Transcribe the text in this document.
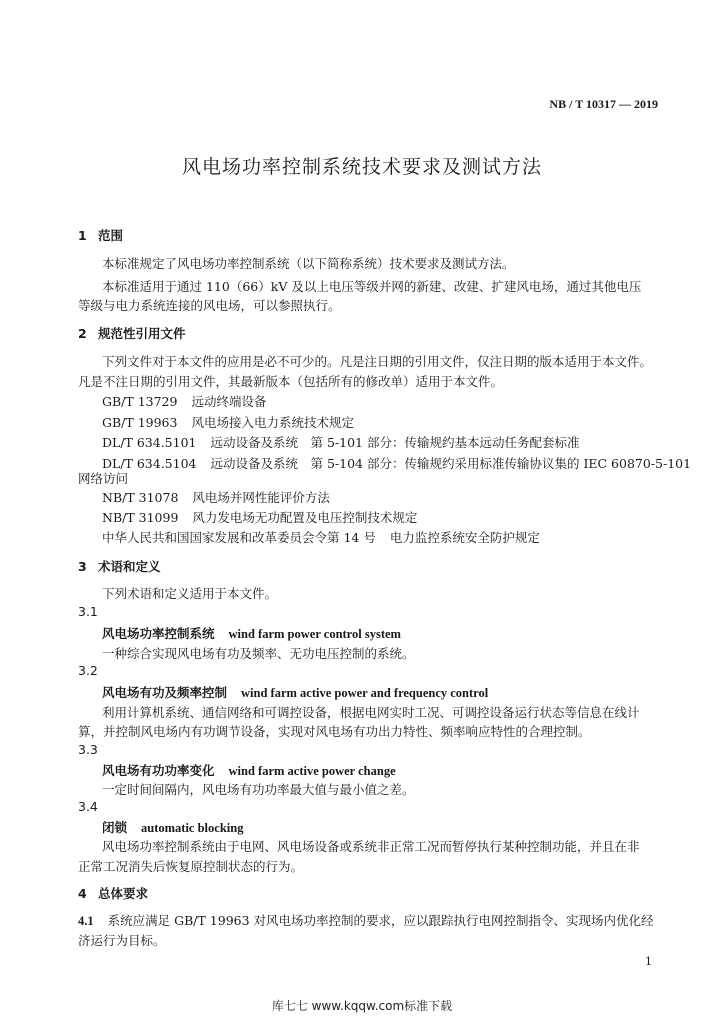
NB / T 10317 — 2019
风电场功率控制系统技术要求及测试方法
1 范围
本标准规定了风电场功率控制系统（以下简称系统）技术要求及测试方法。
本标准适用于通过 110（66）kV 及以上电压等级并网的新建、改建、扩建风电场，通过其他电压
等级与电力系统连接的风电场，可以参照执行。
2 规范性引用文件
下列文件对于本文件的应用是必不可少的。凡是注日期的引用文件，仅注日期的版本适用于本文件。
凡是不注日期的引用文件，其最新版本（包括所有的修改单）适用于本文件。
GB/T 13729 远动终端设备
GB/T 19963 风电场接入电力系统技术规定
DL/T 634.5101 远动设备及系统　第 5-101 部分：传输规约基本远动任务配套标准
DL/T 634.5104 远动设备及系统　第 5-104 部分：传输规约采用标准传输协议集的 IEC 60870-5-101
网络访问
NB/T 31078 风电场并网性能评价方法
NB/T 31099 风力发电场无功配置及电压控制技术规定
中华人民共和国国家发展和改革委员会令第 14 号 电力监控系统安全防护规定
3 术语和定义
下列术语和定义适用于本文件。
3.1
风电场功率控制系统 wind farm power control system
一种综合实现风电场有功及频率、无功电压控制的系统。
3.2
风电场有功及频率控制 wind farm active power and frequency control
利用计算机系统、通信网络和可调控设备，根据电网实时工况、可调控设备运行状态等信息在线计
算，并控制风电场内有功调节设备，实现对风电场有功出力特性、频率响应特性的合理控制。
3.3
风电场有功功率变化 wind farm active power change
一定时间间隔内，风电场有功功率最大值与最小值之差。
3.4
闭锁 automatic blocking
风电场功率控制系统由于电网、风电场设备或系统非正常工况而暂停执行某种控制功能，并且在非
正常工况消失后恢复原控制状态的行为。
4 总体要求
4.1 系统应满足 GB/T 19963 对风电场功率控制的要求，应以跟踪执行电网控制指令、实现场内优化经
济运行为目标。
1
库七七 www.kqqw.com标准下载
